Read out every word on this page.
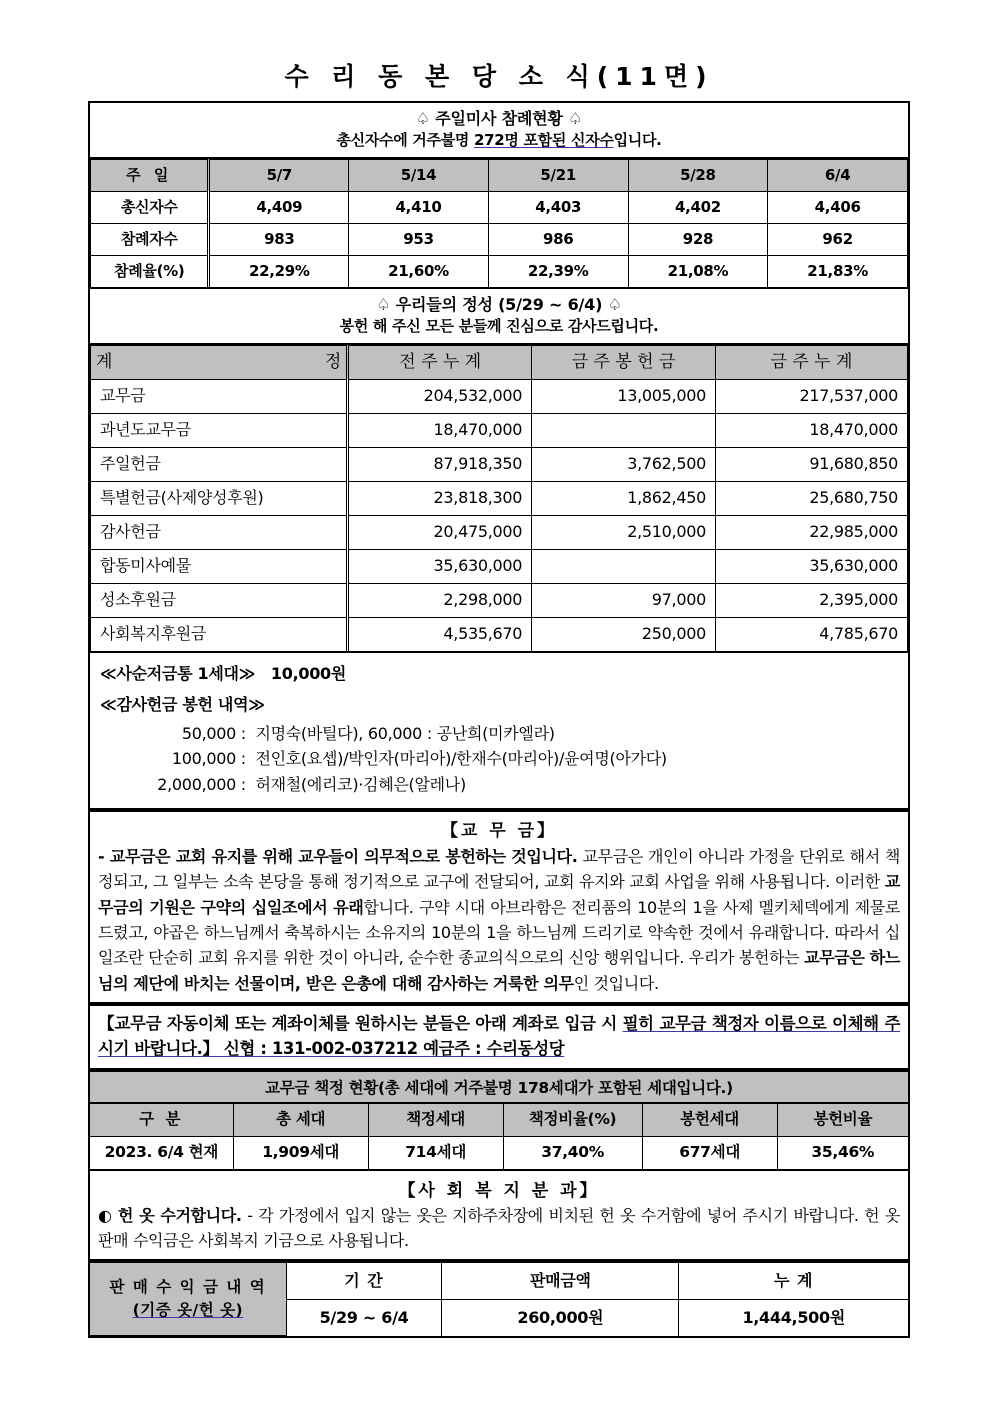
수 리 동 본 당 소 식(11면)
♤ 주일미사 참례현황 ♤
총신자수에 거주불명 272명 포함된 신자수입니다.
주 일	5/7	5/14	5/21	5/28	6/4
총신자수	4,409	4,410	4,403	4,402	4,406
참례자수	983	953	986	928	962
참례율(%)	22,29%	21,60%	22,39%	21,08%	21,83%
♤ 우리들의 정성 (5/29 ~ 6/4) ♤
봉헌 해 주신 모든 분들께 진심으로 감사드립니다.
계 정	전 주 누 계	금 주 봉 헌 금	금 주 누 계
교무금	204,532,000	13,005,000	217,537,000
과년도교무금	18,470,000		18,470,000
주일헌금	87,918,350	3,762,500	91,680,850
특별헌금(사제양성후원)	23,818,300	1,862,450	25,680,750
감사헌금	20,475,000	2,510,000	22,985,000
합동미사예물	35,630,000		35,630,000
성소후원금	2,298,000	97,000	2,395,000
사회복지후원금	4,535,670	250,000	4,785,670
≪사순저금통 1세대≫ 10,000원
≪감사헌금 봉헌 내역≫
50,000 :  지명숙(바틸다), 60,000 : 공난희(미카엘라)
100,000 :  전인호(요셉)/박인자(마리아)/한재수(마리아)/윤여명(아가다)
2,000,000 :  허재철(에리코)·김혜은(알레나)
【교 무 금】
- 교무금은 교회 유지를 위해 교우들이 의무적으로 봉헌하는 것입니다. 교무금은 개인이 아니라 가정을 단위로 해서 책정되고, 그 일부는 소속 본당을 통해 정기적으로 교구에 전달되어, 교회 유지와 교회 사업을 위해 사용됩니다. 이러한 교무금의 기원은 구약의 십일조에서 유래합니다. 구약 시대 아브라함은 전리품의 10분의 1을 사제 멜키체덱에게 제물로 드렸고, 야곱은 하느님께서 축복하시는 소유지의 10분의 1을 하느님께 드리기로 약속한 것에서 유래합니다. 따라서 십일조란 단순히 교회 유지를 위한 것이 아니라, 순수한 종교의식으로의 신앙 행위입니다. 우리가 봉헌하는 교무금은 하느님의 제단에 바치는 선물이며, 받은 은총에 대해 감사하는 거룩한 의무인 것입니다.
【교무금 자동이체 또는 계좌이체를 원하시는 분들은 아래 계좌로 입금 시 필히 교무금 책정자 이름으로 이체해 주시기 바랍니다.】 신협 : 131-002-037212 예금주 : 수리동성당
교무금 책정 현황(총 세대에 거주불명 178세대가 포함된 세대입니다.)
구 분	총 세대	책정세대	책정비율(%)	봉헌세대	봉헌비율
2023. 6/4 현재	1,909세대	714세대	37,40%	677세대	35,46%
【사 회 복 지 분 과】
◐ 헌 옷 수거합니다. - 각 가정에서 입지 않는 옷은 지하주차장에 비치된 헌 옷 수거함에 넣어 주시기 바랍니다. 헌 옷 판매 수익금은 사회복지 기금으로 사용됩니다.
판 매 수 익 금 내 역
(기증 옷/헌 옷)	기 간	판매금액	누 계
	5/29 ~ 6/4	260,000원	1,444,500원
